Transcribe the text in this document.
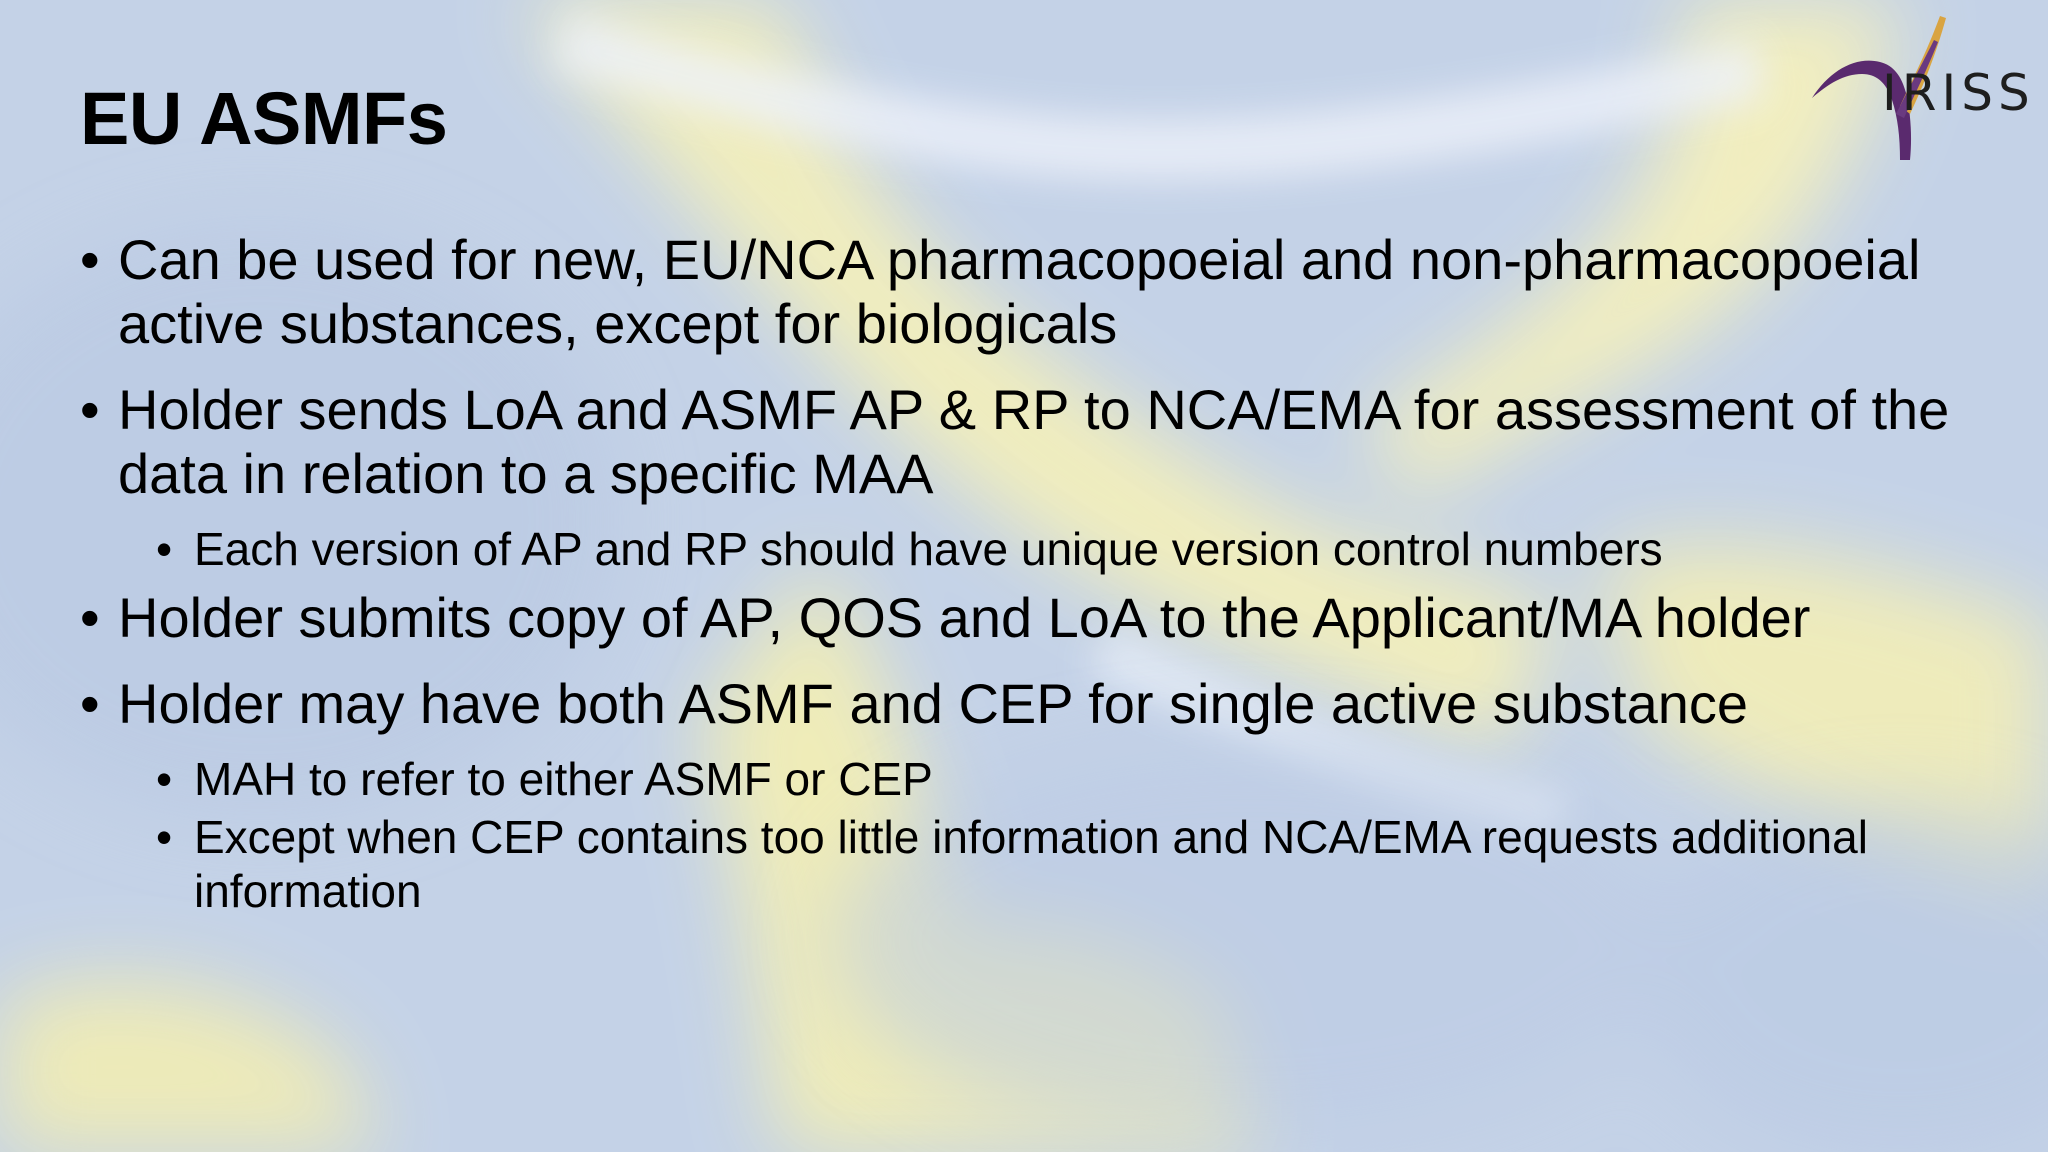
EU ASMFs	IRISS
• Can be used for new, EU/NCA pharmacopoeial and non-pharmacopoeial active substances, except for biologicals
• Holder sends LoA and ASMF AP & RP to NCA/EMA for assessment of the data in relation to a specific MAA
• Each version of AP and RP should have unique version control numbers
• Holder submits copy of AP, QOS and LoA to the Applicant/MA holder
• Holder may have both ASMF and CEP for single active substance
• MAH to refer to either ASMF or CEP
• Except when CEP contains too little information and NCA/EMA requests additional information
